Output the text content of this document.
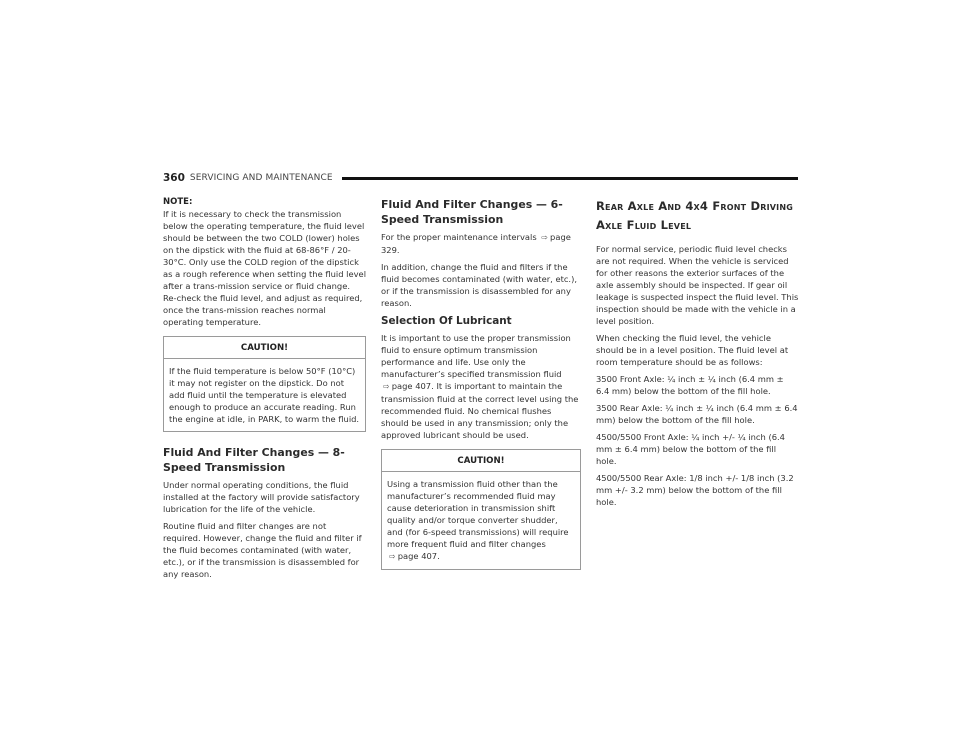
360 SERVICING AND MAINTENANCE
NOTE:

If it is necessary to check the transmission below the operating temperature, the fluid level should be between the two COLD (lower) holes on the dipstick with the fluid at 68-86°F / 20-30°C. Only use the COLD region of the dipstick as a rough reference when setting the fluid level after a trans-mission service or fluid change. Re-check the fluid level, and adjust as required, once the trans-mission reaches normal operating temperature.

CAUTION!

If the fluid temperature is below 50°F (10°C) it may not register on the dipstick. Do not add fluid until the temperature is elevated enough to produce an accurate reading. Run the engine at idle, in PARK, to warm the fluid.

Fluid And Filter Changes — 8-Speed Transmission

Under normal operating conditions, the fluid installed at the factory will provide satisfactory lubrication for the life of the vehicle.

Routine fluid and filter changes are not required. However, change the fluid and filter if the fluid becomes contaminated (with water, etc.), or if the transmission is disassembled for any reason.

Fluid And Filter Changes — 6-Speed Transmission

For the proper maintenance intervals ⇨ page 329.

In addition, change the fluid and filters if the fluid becomes contaminated (with water, etc.), or if the transmission is disassembled for any reason.

Selection Of Lubricant

It is important to use the proper transmission fluid to ensure optimum transmission performance and life. Use only the manufacturer’s specified transmission fluid ⇨ page 407. It is important to maintain the transmission fluid at the correct level using the recommended fluid. No chemical flushes should be used in any transmission; only the approved lubricant should be used.

CAUTION!

Using a transmission fluid other than the manufacturer’s recommended fluid may cause deterioration in transmission shift quality and/or torque converter shudder, and (for 6-speed transmissions) will require more frequent fluid and filter changes ⇨ page 407.

Rear Axle And 4x4 Front Driving Axle Fluid Level

For normal service, periodic fluid level checks are not required. When the vehicle is serviced for other reasons the exterior surfaces of the axle assembly should be inspected. If gear oil leakage is suspected inspect the fluid level. This inspection should be made with the vehicle in a level position.

When checking the fluid level, the vehicle should be in a level position. The fluid level at room temperature should be as follows:

3500 Front Axle: ¼ inch ± ¼ inch (6.4 mm ± 6.4 mm) below the bottom of the fill hole.

3500 Rear Axle: ¼ inch ± ¼ inch (6.4 mm ± 6.4 mm) below the bottom of the fill hole.

4500/5500 Front Axle: ¼ inch +/- ¼ inch (6.4 mm ± 6.4 mm) below the bottom of the fill hole.

4500/5500 Rear Axle: 1/8 inch +/- 1/8 inch (3.2 mm +/- 3.2 mm) below the bottom of the fill hole.
